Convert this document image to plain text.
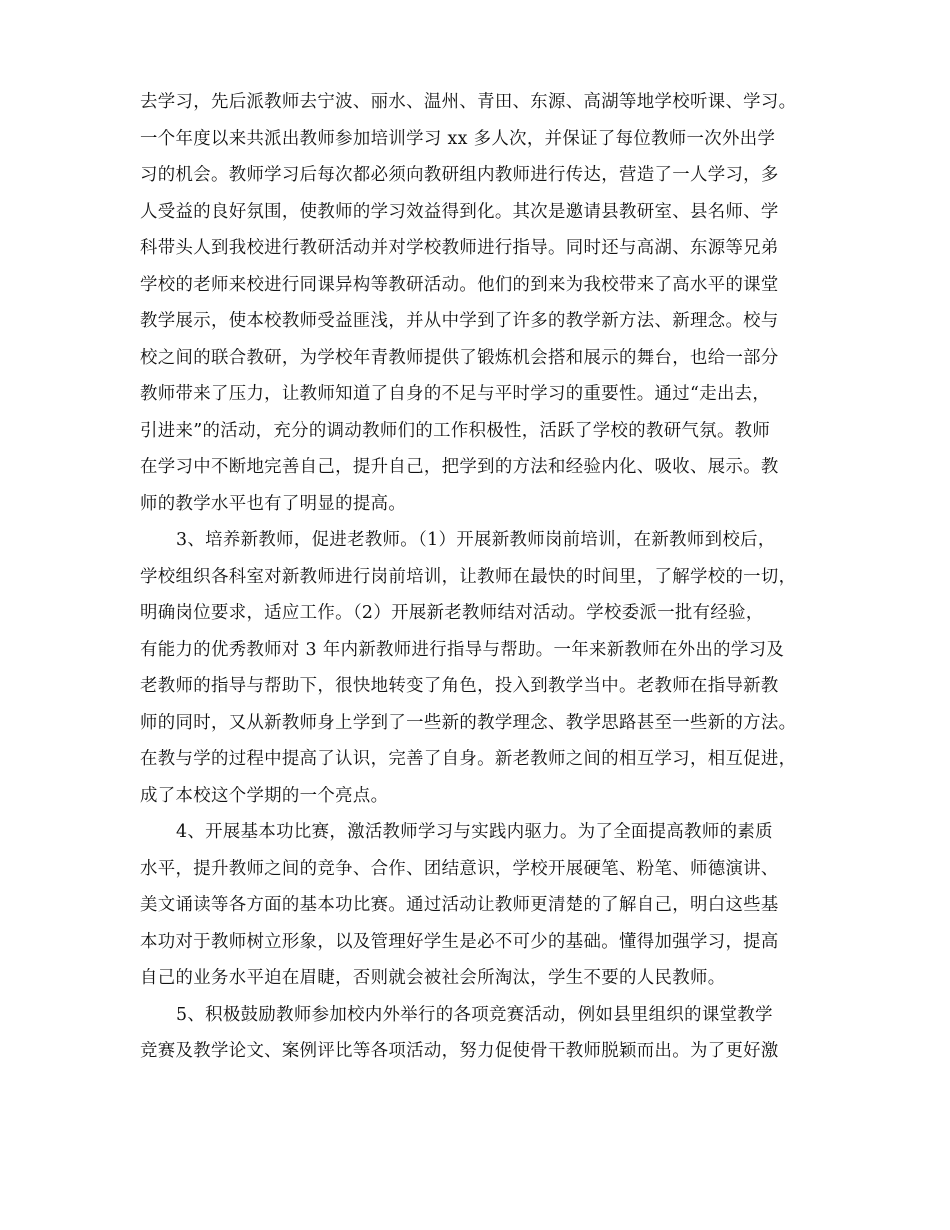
去学习，先后派教师去宁波、丽水、温州、青田、东源、高湖等地学校听课、学习。
一个年度以来共派出教师参加培训学习 xx 多人次，并保证了每位教师一次外出学
习的机会。教师学习后每次都必须向教研组内教师进行传达，营造了一人学习，多
人受益的良好氛围，使教师的学习效益得到化。其次是邀请县教研室、县名师、学
科带头人到我校进行教研活动并对学校教师进行指导。同时还与高湖、东源等兄弟
学校的老师来校进行同课异构等教研活动。他们的到来为我校带来了高水平的课堂
教学展示，使本校教师受益匪浅，并从中学到了许多的教学新方法、新理念。校与
校之间的联合教研，为学校年青教师提供了锻炼机会搭和展示的舞台，也给一部分
教师带来了压力，让教师知道了自身的不足与平时学习的重要性。通过“走出去，
引进来”的活动，充分的调动教师们的工作积极性，活跃了学校的教研气氛。教师
在学习中不断地完善自己，提升自己，把学到的方法和经验内化、吸收、展示。教
师的教学水平也有了明显的提高。
3、培养新教师，促进老教师。（1）开展新教师岗前培训，在新教师到校后，
学校组织各科室对新教师进行岗前培训，让教师在最快的时间里，了解学校的一切，
明确岗位要求，适应工作。（2）开展新老教师结对活动。学校委派一批有经验，
有能力的优秀教师对 3 年内新教师进行指导与帮助。一年来新教师在外出的学习及
老教师的指导与帮助下，很快地转变了角色，投入到教学当中。老教师在指导新教
师的同时，又从新教师身上学到了一些新的教学理念、教学思路甚至一些新的方法。
在教与学的过程中提高了认识，完善了自身。新老教师之间的相互学习，相互促进，
成了本校这个学期的一个亮点。
4、开展基本功比赛，激活教师学习与实践内驱力。为了全面提高教师的素质
水平，提升教师之间的竞争、合作、团结意识，学校开展硬笔、粉笔、师德演讲、
美文诵读等各方面的基本功比赛。通过活动让教师更清楚的了解自己，明白这些基
本功对于教师树立形象，以及管理好学生是必不可少的基础。懂得加强学习，提高
自己的业务水平迫在眉睫，否则就会被社会所淘汰，学生不要的人民教师。
5、积极鼓励教师参加校内外举行的各项竞赛活动，例如县里组织的课堂教学
竞赛及教学论文、案例评比等各项活动，努力促使骨干教师脱颖而出。为了更好激
